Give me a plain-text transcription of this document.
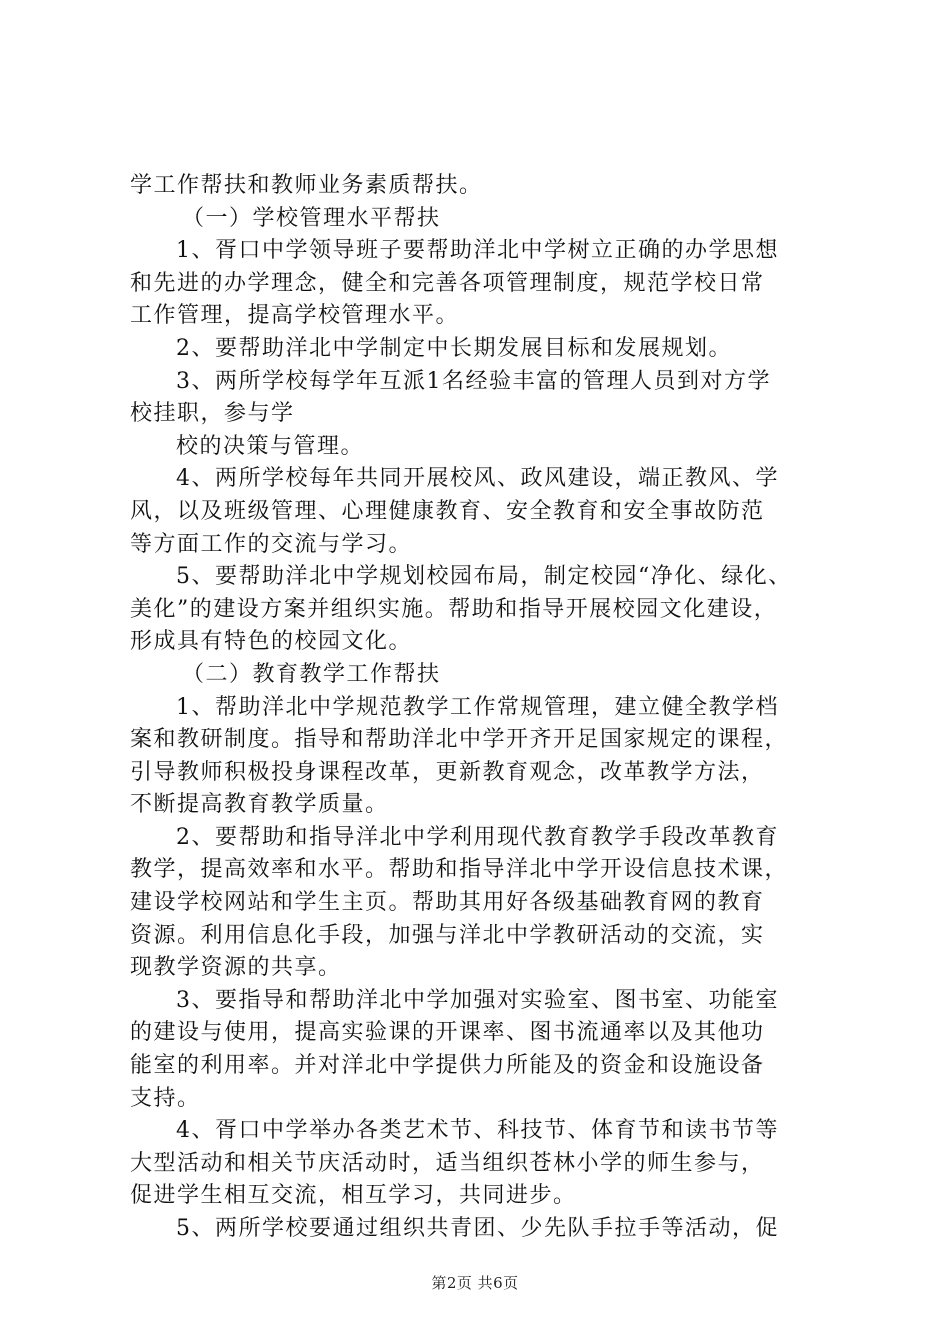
学工作帮扶和教师业务素质帮扶。
（一）学校管理水平帮扶
1、胥口中学领导班子要帮助洋北中学树立正确的办学思想
和先进的办学理念，健全和完善各项管理制度，规范学校日常
工作管理，提高学校管理水平。
2、要帮助洋北中学制定中长期发展目标和发展规划。
3、两所学校每学年互派1名经验丰富的管理人员到对方学
校挂职，参与学
校的决策与管理。
4、两所学校每年共同开展校风、政风建设，端正教风、学
风，以及班级管理、心理健康教育、安全教育和安全事故防范
等方面工作的交流与学习。
5、要帮助洋北中学规划校园布局，制定校园“净化、绿化、
美化”的建设方案并组织实施。帮助和指导开展校园文化建设，
形成具有特色的校园文化。
（二）教育教学工作帮扶
1、帮助洋北中学规范教学工作常规管理，建立健全教学档
案和教研制度。指导和帮助洋北中学开齐开足国家规定的课程，
引导教师积极投身课程改革，更新教育观念，改革教学方法，
不断提高教育教学质量。
2、要帮助和指导洋北中学利用现代教育教学手段改革教育
教学，提高效率和水平。帮助和指导洋北中学开设信息技术课，
建设学校网站和学生主页。帮助其用好各级基础教育网的教育
资源。利用信息化手段，加强与洋北中学教研活动的交流，实
现教学资源的共享。
3、要指导和帮助洋北中学加强对实验室、图书室、功能室
的建设与使用，提高实验课的开课率、图书流通率以及其他功
能室的利用率。并对洋北中学提供力所能及的资金和设施设备
支持。
4、胥口中学举办各类艺术节、科技节、体育节和读书节等
大型活动和相关节庆活动时，适当组织苍林小学的师生参与，
促进学生相互交流，相互学习，共同进步。
5、两所学校要通过组织共青团、少先队手拉手等活动，促
第2页 共6页
